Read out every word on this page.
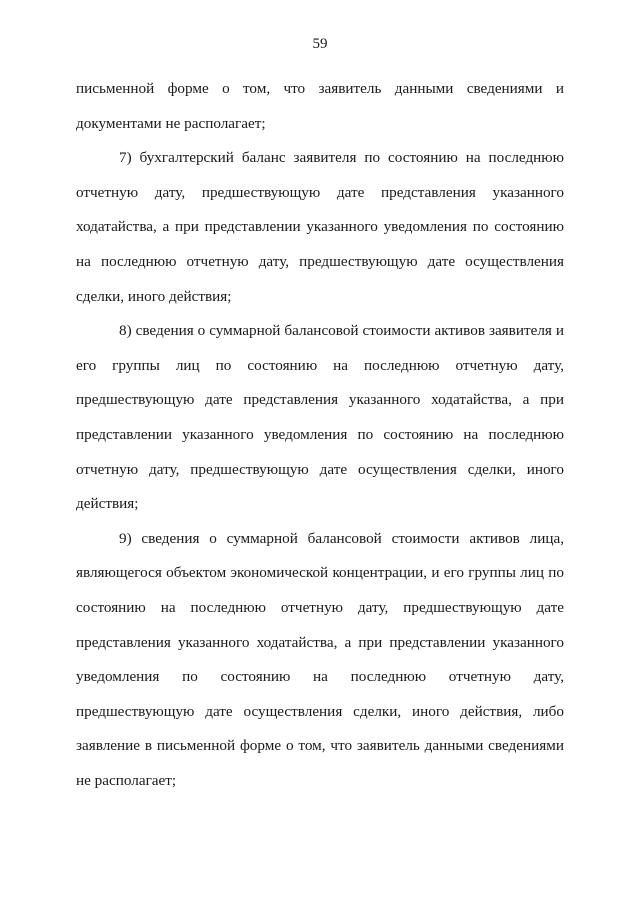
59

письменной форме о том, что заявитель данными сведениями и документами не располагает;

7) бухгалтерский баланс заявителя по состоянию на последнюю отчетную дату, предшествующую дате представления указанного ходатайства, а при представлении указанного уведомления по состоянию на последнюю отчетную дату, предшествующую дате осуществления сделки, иного действия;

8) сведения о суммарной балансовой стоимости активов заявителя и его группы лиц по состоянию на последнюю отчетную дату, предшествующую дате представления указанного ходатайства, а при представлении указанного уведомления по состоянию на последнюю отчетную дату, предшествующую дате осуществления сделки, иного действия;

9) сведения о суммарной балансовой стоимости активов лица, являющегося объектом экономической концентрации, и его группы лиц по состоянию на последнюю отчетную дату, предшествующую дате представления указанного ходатайства, а при представлении указанного уведомления по состоянию на последнюю отчетную дату, предшествующую дате осуществления сделки, иного действия, либо заявление в письменной форме о том, что заявитель данными сведениями не располагает;
